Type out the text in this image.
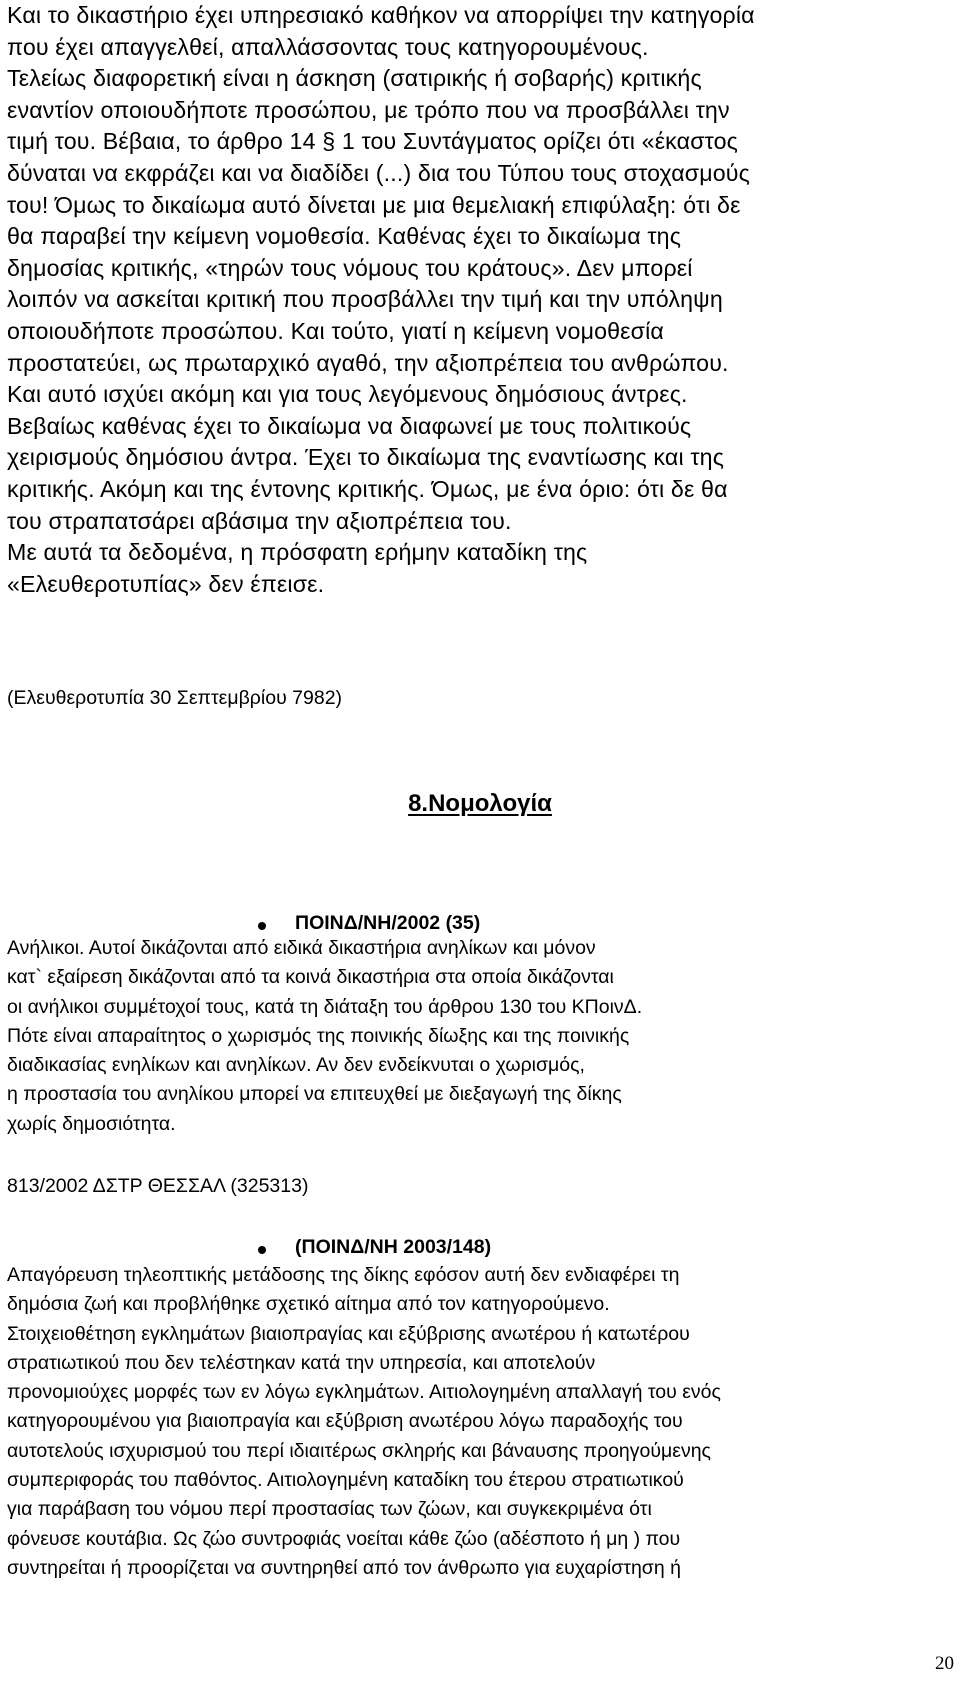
Και το δικαστήριο έχει υπηρεσιακό καθήκον να απορρίψει την κατηγορία
που έχει απαγγελθεί, απαλλάσσοντας τους κατηγορουμένους.
Τελείως διαφορετική είναι η άσκηση (σατιρικής ή σοβαρής) κριτικής
εναντίον οποιουδήποτε προσώπου, με τρόπο που να προσβάλλει την
τιμή του. Βέβαια, το άρθρο 14 § 1 του Συντάγματος ορίζει ότι «έκαστος
δύναται να εκφράζει και να διαδίδει (...) δια του Τύπου τους στοχασμούς
του! Όμως το δικαίωμα αυτό δίνεται με μια θεμελιακή επιφύλαξη: ότι δε
θα παραβεί την κείμενη νομοθεσία. Καθένας έχει το δικαίωμα της
δημοσίας κριτικής, «τηρών τους νόμους του κράτους». Δεν μπορεί
λοιπόν να ασκείται κριτική που προσβάλλει την τιμή και την υπόληψη
οποιουδήποτε προσώπου. Και τούτο, γιατί η κείμενη νομοθεσία
προστατεύει, ως πρωταρχικό αγαθό, την αξιοπρέπεια του ανθρώπου.
Και αυτό ισχύει ακόμη και για τους λεγόμενους δημόσιους άντρες.
Βεβαίως καθένας έχει το δικαίωμα να διαφωνεί με τους πολιτικούς
χειρισμούς δημόσιου άντρα. Έχει το δικαίωμα της εναντίωσης και της
κριτικής. Ακόμη και της έντονης κριτικής. Όμως, με ένα όριο: ότι δε θα
του στραπατσάρει αβάσιμα την αξιοπρέπεια του.
Με αυτά τα δεδομένα, η πρόσφατη ερήμην καταδίκη της
«Ελευθεροτυπίας» δεν έπεισε.
(Ελευθεροτυπία 30 Σεπτεμβρίου 7982)
8.Νομολογία
ΠΟΙΝΔ/ΝΗ/2002 (35)
Ανήλικοι. Αυτοί δικάζονται από ειδικά δικαστήρια ανηλίκων και μόνον
κατ` εξαίρεση δικάζονται από τα κοινά δικαστήρια στα οποία δικάζονται
οι ανήλικοι συμμέτοχοί τους, κατά τη διάταξη του άρθρου 130 του ΚΠοινΔ.
Πότε είναι απαραίτητος ο χωρισμός της ποινικής δίωξης και της ποινικής
διαδικασίας ενηλίκων και ανηλίκων. Αν δεν ενδείκνυται ο χωρισμός,
η προστασία του ανηλίκου μπορεί να επιτευχθεί με διεξαγωγή της δίκης
χωρίς δημοσιότητα.
813/2002 ΔΣΤΡ ΘΕΣΣΑΛ (325313)
(ΠΟΙΝΔ/ΝΗ 2003/148)
Απαγόρευση τηλεοπτικής μετάδοσης της δίκης εφόσον αυτή δεν ενδιαφέρει τη
δημόσια ζωή και προβλήθηκε σχετικό αίτημα από τον κατηγορούμενο.
Στοιχειοθέτηση εγκλημάτων βιαιοπραγίας και εξύβρισης ανωτέρου ή κατωτέρου
στρατιωτικού που δεν τελέστηκαν κατά την υπηρεσία, και αποτελούν
προνομιούχες μορφές των εν λόγω εγκλημάτων. Αιτιολογημένη απαλλαγή του ενός
κατηγορουμένου για βιαιοπραγία και εξύβριση ανωτέρου λόγω παραδοχής του
αυτοτελούς ισχυρισμού του περί ιδιαιτέρως σκληρής και βάναυσης προηγούμενης
συμπεριφοράς του παθόντος. Αιτιολογημένη καταδίκη του έτερου στρατιωτικού
για παράβαση του νόμου περί προστασίας των ζώων, και συγκεκριμένα ότι
φόνευσε κουτάβια. Ως ζώο συντροφιάς νοείται κάθε ζώο (αδέσποτο ή μη ) που
συντηρείται ή προορίζεται να συντηρηθεί από τον άνθρωπο για ευχαρίστηση ή
20
